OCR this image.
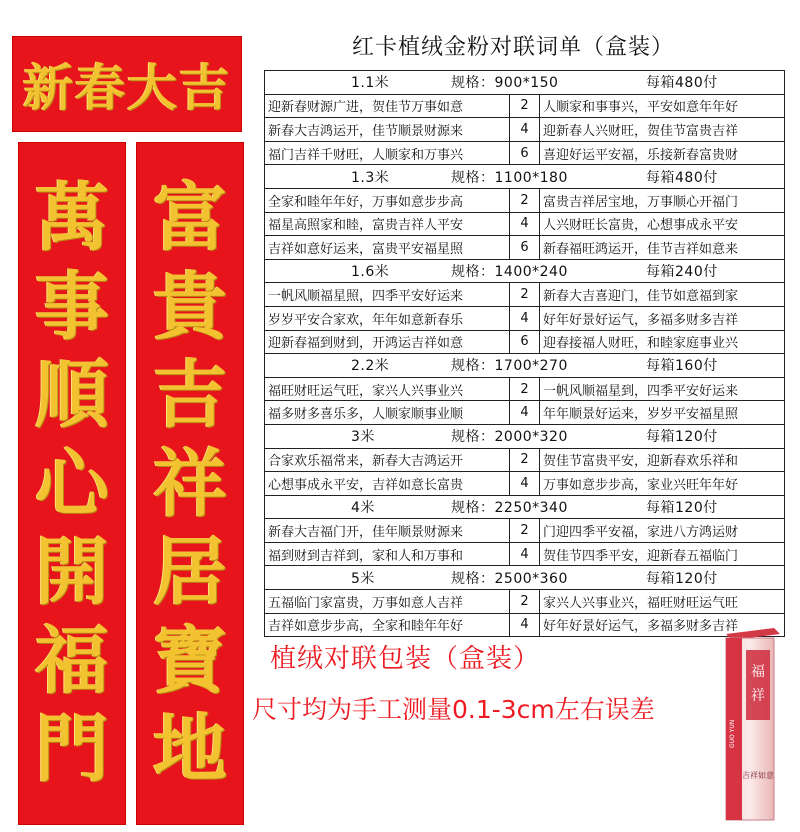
新春大吉
萬
事
順
心
開
福
門
富
貴
吉
祥
居
寶
地
红卡植绒金粉对联词单（盒装）
1.1米 规格：900*150 每箱480付		
迎新春财源广进，贺佳节万事如意	2	人顺家和事事兴，平安如意年年好
新春大吉鸿运开，佳节顺景财源来	4	迎新春人兴财旺，贺佳节富贵吉祥
福门吉祥千财旺，人顺家和万事兴	6	喜迎好运平安福，乐接新春富贵财
1.3米 规格：1100*180 每箱480付		
全家和睦年年好，万事如意步步高	2	富贵吉祥居宝地，万事顺心开福门
福星高照家和睦，富贵吉祥人平安	4	人兴财旺长富贵，心想事成永平安
吉祥如意好运来，富贵平安福星照	6	新春福旺鸿运开，佳节吉祥如意来
1.6米 规格：1400*240 每箱240付		
一帆风顺福星照，四季平安好运来	2	新春大吉喜迎门，佳节如意福到家
岁岁平安合家欢，年年如意新春乐	4	好年好景好运气，多福多财多吉祥
迎新春福到财到，开鸿运吉祥如意	6	迎春接福人财旺，和睦家庭事业兴
2.2米 规格：1700*270 每箱160付		
福旺财旺运气旺，家兴人兴事业兴	2	一帆风顺福星到，四季平安好运来
福多财多喜乐多，人顺家顺事业顺	4	年年顺景好运来，岁岁平安福星照
3米 规格：2000*320 每箱120付		
合家欢乐福常来，新春大吉鸿运开	2	贺佳节富贵平安，迎新春欢乐祥和
心想事成永平安，吉祥如意长富贵	4	万事如意步步高，家业兴旺年年好
4米 规格：2250*340 每箱120付		
新春大吉福门开，佳年顺景财源来	2	门迎四季平安福，家进八方鸿运财
福到财到吉祥到，家和人和万事和	4	贺佳节四季平安，迎新春五福临门
5米 规格：2500*360 每箱120付		
五福临门家富贵，万事如意人吉祥	2	家兴人兴事业兴，福旺财旺运气旺
吉祥如意步步高，全家和睦年年好	4	好年好景好运气，多福多财多吉祥
植绒对联包装（盒装）
尺寸均为手工测量0.1-3cm左右误差
福
祥
GUO YUN
吉祥如意
